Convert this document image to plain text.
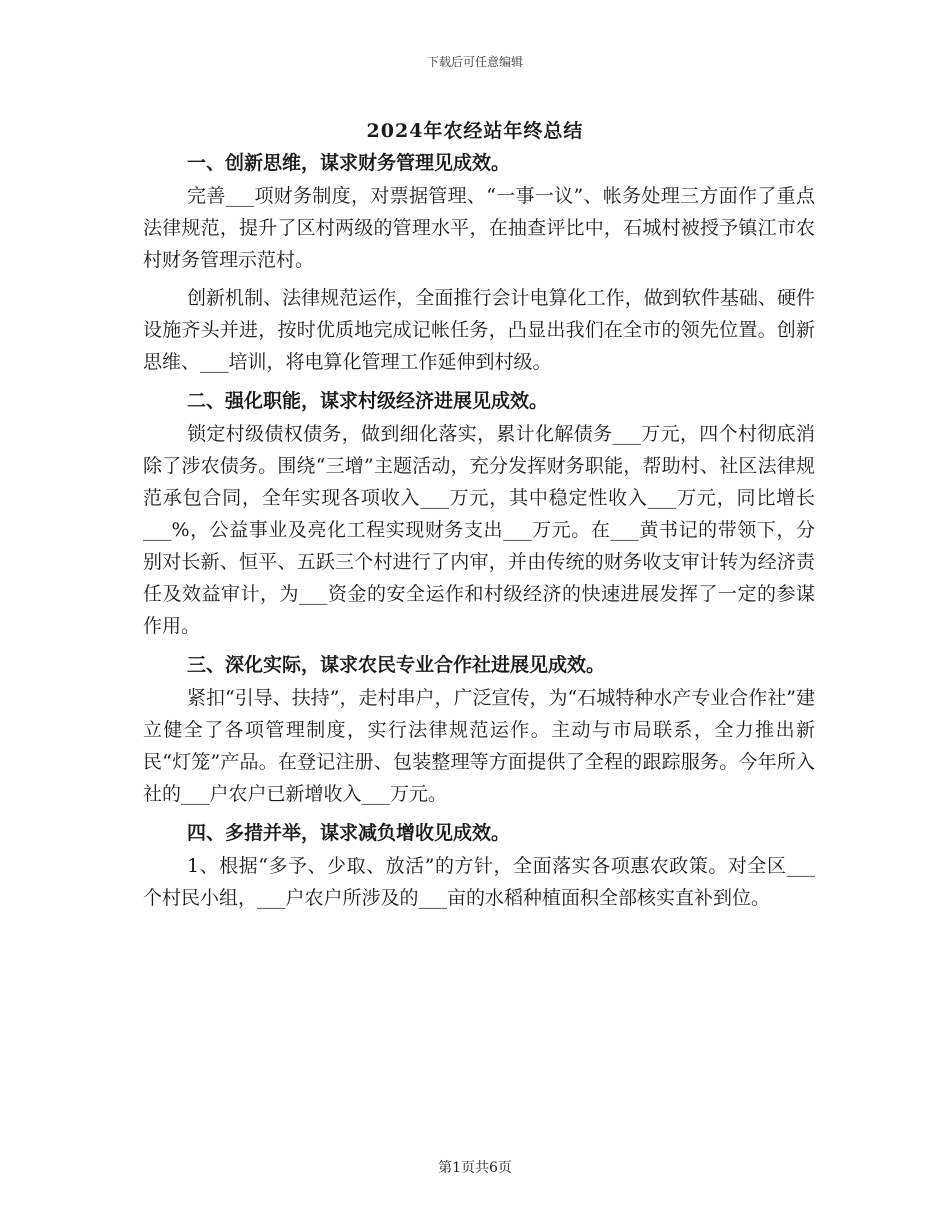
下载后可任意编辑
2024年农经站年终总结

一、创新思维，谋求财务管理见成效。

完善___项财务制度，对票据管理、“一事一议”、帐务处理三方面作了重点法律规范，提升了区村两级的管理水平，在抽查评比中，石城村被授予镇江市农村财务管理示范村。

创新机制、法律规范运作，全面推行会计电算化工作，做到软件基础、硬件设施齐头并进，按时优质地完成记帐任务，凸显出我们在全市的领先位置。创新思维、___培训，将电算化管理工作延伸到村级。

二、强化职能，谋求村级经济进展见成效。

锁定村级债权债务，做到细化落实，累计化解债务___万元，四个村彻底消除了涉农债务。围绕“三增”主题活动，充分发挥财务职能，帮助村、社区法律规范承包合同，全年实现各项收入___万元，其中稳定性收入___万元，同比增长___%，公益事业及亮化工程实现财务支出___万元。在___黄书记的带领下，分别对长新、恒平、五跃三个村进行了内审，并由传统的财务收支审计转为经济责任及效益审计，为___资金的安全运作和村级经济的快速进展发挥了一定的参谋作用。

三、深化实际，谋求农民专业合作社进展见成效。

紧扣“引导、扶持”，走村串户，广泛宣传，为“石城特种水产专业合作社”建立健全了各项管理制度，实行法律规范运作。主动与市局联系，全力推出新民“灯笼”产品。在登记注册、包装整理等方面提供了全程的跟踪服务。今年所入社的___户农户已新增收入___万元。

四、多措并举，谋求减负增收见成效。

1、根据“多予、少取、放活”的方针，全面落实各项惠农政策。对全区___个村民小组，___户农户所涉及的___亩的水稻种植面积全部核实直补到位。

第1页共6页
